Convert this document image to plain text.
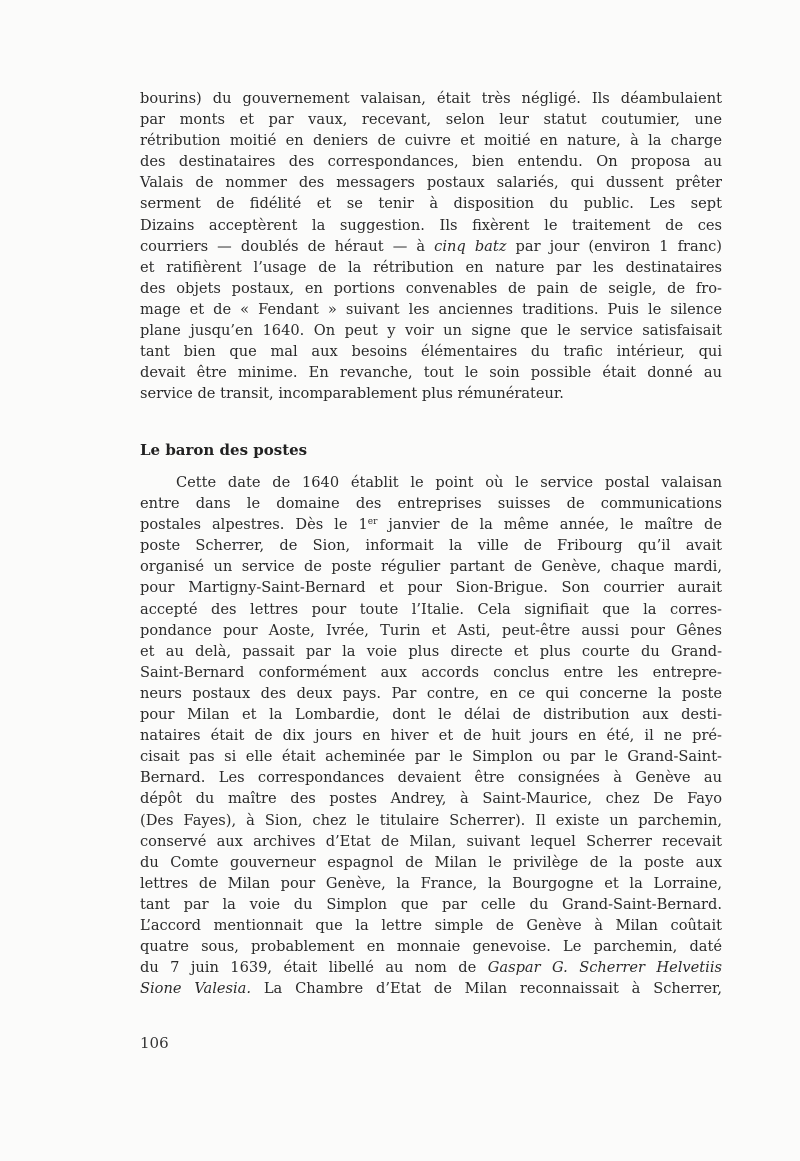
bourins) du gouvernement valaisan, était très négligé. Ils déambulaient
par monts et par vaux, recevant, selon leur statut coutumier, une
rétribution moitié en deniers de cuivre et moitié en nature, à la charge
des destinataires des correspondances, bien entendu. On proposa au
Valais de nommer des messagers postaux salariés, qui dussent prêter
serment de fidélité et se tenir à disposition du public. Les sept
Dizains acceptèrent la suggestion. Ils fixèrent le traitement de ces
courriers — doublés de héraut — à cinq batz par jour (environ 1 franc)
et ratifièrent l’usage de la rétribution en nature par les destinataires
des objets postaux, en portions convenables de pain de seigle, de fro-
mage et de « Fendant » suivant les anciennes traditions. Puis le silence
plane jusqu’en 1640. On peut y voir un signe que le service satisfaisait
tant bien que mal aux besoins élémentaires du trafic intérieur, qui
devait être minime. En revanche, tout le soin possible était donné au
service de transit, incomparablement plus rémunérateur.
Le baron des postes
Cette date de 1640 établit le point où le service postal valaisan
entre dans le domaine des entreprises suisses de communications
postales alpestres. Dès le 1er janvier de la même année, le maître de
poste Scherrer, de Sion, informait la ville de Fribourg qu’il avait
organisé un service de poste régulier partant de Genève, chaque mardi,
pour Martigny-Saint-Bernard et pour Sion-Brigue. Son courrier aurait
accepté des lettres pour toute l’Italie. Cela signifiait que la corres-
pondance pour Aoste, Ivrée, Turin et Asti, peut-être aussi pour Gênes
et au delà, passait par la voie plus directe et plus courte du Grand-
Saint-Bernard conformément aux accords conclus entre les entrepre-
neurs postaux des deux pays. Par contre, en ce qui concerne la poste
pour Milan et la Lombardie, dont le délai de distribution aux desti-
nataires était de dix jours en hiver et de huit jours en été, il ne pré-
cisait pas si elle était acheminée par le Simplon ou par le Grand-Saint-
Bernard. Les correspondances devaient être consignées à Genève au
dépôt du maître des postes Andrey, à Saint-Maurice, chez De Fayo
(Des Fayes), à Sion, chez le titulaire Scherrer). Il existe un parchemin,
conservé aux archives d’Etat de Milan, suivant lequel Scherrer recevait
du Comte gouverneur espagnol de Milan le privilège de la poste aux
lettres de Milan pour Genève, la France, la Bourgogne et la Lorraine,
tant par la voie du Simplon que par celle du Grand-Saint-Bernard.
L’accord mentionnait que la lettre simple de Genève à Milan coûtait
quatre sous, probablement en monnaie genevoise. Le parchemin, daté
du 7 juin 1639, était libellé au nom de Gaspar G. Scherrer Helvetiis
Sione Valesia. La Chambre d’Etat de Milan reconnaissait à Scherrer,
106
